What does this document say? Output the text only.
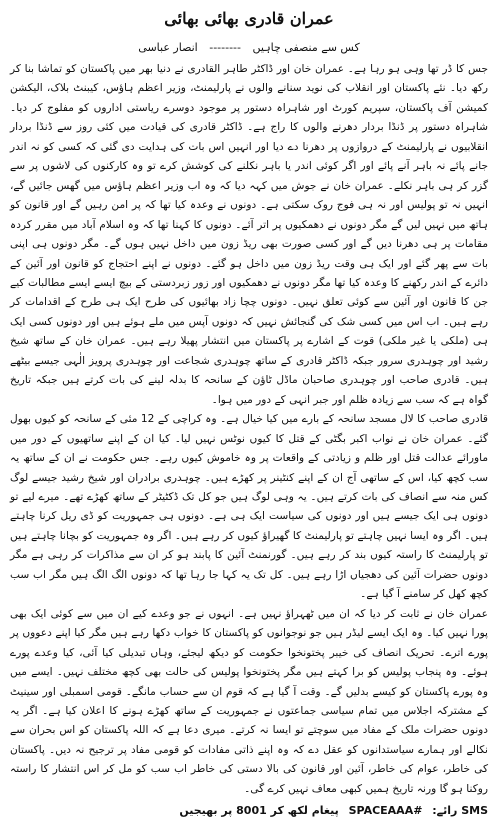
عمران قادری بھائی بھائی
کس سے منصفی چاہیں -------- انصار عباسی

جس کا ڈر تھا وہی ہو رہا ہے۔ عمران خان اور ڈاکٹر طاہر القادری نے دنیا بھر میں پاکستان کو تماشا بنا کر رکھ دیا۔ نئے پاکستان اور انقلاب کی نوید سنانے والوں نے پارلیمنٹ، وزیر اعظم ہاؤس، کیبنٹ بلاک، الیکشن کمیشن آف پاکستان، سپریم کورٹ اور شاہراہ دستور پر موجود دوسرے ریاستی اداروں کو مفلوج کر دیا۔ شاہراہ دستور پر ڈنڈا بردار دھرنے والوں کا راج ہے۔ ڈاکٹر قادری کی قیادت میں کئی روز سے ڈنڈا بردار انقلابیوں نے پارلیمنٹ کے دروازوں پر دھرنا دے دیا اور انہیں اس بات کی ہدایت دی گئی کہ کسی کو نہ اندر جانے پائے نہ باہر آنے پائے اور اگر کوئی اندر یا باہر نکلنے کی کوشش کرے تو وہ کارکنوں کی لاشوں پر سے گزر کر ہی باہر نکلے۔ عمران خان نے جوش میں کہہ دیا کہ وہ اب وزیر اعظم ہاؤس میں گھس جائیں گے، انہیں نہ تو پولیس اور نہ ہی فوج روک سکتی ہے۔ دونوں نے وعدہ کیا تھا کہ پر امن رہیں گے اور قانون کو ہاتھ میں نہیں لیں گے مگر دونوں نے دھمکیوں پر اتر آئے۔ دونوں کا کہنا تھا کہ وہ اسلام آباد میں مقرر کردہ مقامات پر ہی دھرنا دیں گے اور کسی صورت بھی ریڈ زون میں داخل نہیں ہوں گے۔ مگر دونوں ہی اپنی بات سے پھر گئے اور ایک ہی وقت ریڈ زون میں داخل ہو گئے۔ دونوں نے اپنے احتجاج کو قانون اور آئین کے دائرے کے اندر رکھنے کا وعدہ کیا تھا مگر دونوں نے دھمکیوں اور زور زبردستی کے بیچ ایسے ایسے مطالبات کیے جن کا قانون اور آئین سے کوئی تعلق نہیں۔ دونوں چچا زاد بھائیوں کی طرح ایک ہی طرح کے اقدامات کر رہے ہیں۔ اب اس میں کسی شک کی گنجائش نہیں کہ دونوں آپس میں ملے ہوئے ہیں اور دونوں کسی ایک ہی (ملکی یا غیر ملکی) قوت کے اشارے پر پاکستان میں انتشار پھیلا رہے ہیں۔ عمران خان کے ساتھ شیخ رشید اور چوہدری سرور جبکہ ڈاکٹر قادری کے ساتھ چوہدری شجاعت اور چوہدری پرویز الٰہی جیسے بیٹھے ہیں۔ قادری صاحب اور چوہدری صاحبان ماڈل ٹاؤن کے سانحہ کا بدلہ لینے کی بات کرتے ہیں جبکہ تاریخ گواہ ہے کہ سب سے زیادہ ظلم اور جبر انہی کے دور میں ہوا۔

قادری صاحب کا لال مسجد سانحہ کے بارے میں کیا خیال ہے۔ وہ کراچی کے 12 مئی کے سانحہ کو کیوں بھول گئے۔ عمران خان نے نواب اکبر بگٹی کے قتل کا کیوں نوٹس نہیں لیا۔ کیا ان کے اپنے ساتھیوں کے دور میں ماورائے عدالت قتل اور ظلم و زیادتی کے واقعات پر وہ خاموش کیوں رہے۔ جس حکومت نے ان کے ساتھ یہ سب کچھ کیا، اس کے ساتھی آج ان کے اپنے کنٹینر پر کھڑے ہیں۔ چوہدری برادران اور شیخ رشید جیسے لوگ کس منہ سے انصاف کی بات کرتے ہیں۔ یہ وہی لوگ ہیں جو کل تک ڈکٹیٹر کے ساتھ کھڑے تھے۔ میرے لیے تو دونوں ہی ایک جیسے ہیں اور دونوں کی سیاست ایک ہی ہے۔ دونوں ہی جمہوریت کو ڈی ریل کرنا چاہتے ہیں۔ اگر وہ ایسا نہیں چاہتے تو پارلیمنٹ کا گھیراؤ کیوں کر رہے ہیں۔ اگر وہ جمہوریت کو بچانا چاہتے ہیں تو پارلیمنٹ کا راستہ کیوں بند کر رہے ہیں۔ گورنمنٹ آئین کا پابند ہو کر ان سے مذاکرات کر رہی ہے مگر دونوں حضرات آئین کی دھجیاں اڑا رہے ہیں۔ کل تک یہ کہا جا رہا تھا کہ دونوں الگ الگ ہیں مگر اب سب کچھ کھل کر سامنے آ گیا ہے۔

عمران خان نے ثابت کر دیا کہ ان میں ٹھہراؤ نہیں ہے۔ انہوں نے جو وعدے کیے ان میں سے کوئی ایک بھی پورا نہیں کیا۔ وہ ایک ایسے لیڈر ہیں جو نوجوانوں کو پاکستان کا خواب دکھا رہے ہیں مگر کیا اپنے دعووں پر پورے اترے۔ تحریک انصاف کی خیبر پختونخوا حکومت کو دیکھ لیجئے، وہاں تبدیلی کیا آئی، کیا وعدے پورے ہوئے۔ وہ پنجاب پولیس کو برا کہتے ہیں مگر پختونخوا پولیس کی حالت بھی کچھ مختلف نہیں۔ ایسے میں وہ پورے پاکستان کو کیسے بدلیں گے۔ وقت آ گیا ہے کہ قوم ان سے حساب مانگے۔ قومی اسمبلی اور سینیٹ کے مشترکہ اجلاس میں تمام سیاسی جماعتوں نے جمہوریت کے ساتھ کھڑے ہونے کا اعلان کیا ہے۔ اگر یہ دونوں حضرات ملک کے مفاد میں سوچتے تو ایسا نہ کرتے۔ میری دعا ہے کہ اللہ پاکستان کو اس بحران سے نکالے اور ہمارے سیاستدانوں کو عقل دے کہ وہ اپنے ذاتی مفادات کو قومی مفاد پر ترجیح نہ دیں۔ پاکستان کی خاطر، عوام کی خاطر، آئین اور قانون کی بالا دستی کی خاطر اب سب کو مل کر اس انتشار کا راستہ روکنا ہو گا ورنہ تاریخ ہمیں کبھی معاف نہیں کرے گی۔

SMS رائے: #SPACEAAA پیغام لکھ کر 8001 پر بھیجیں
